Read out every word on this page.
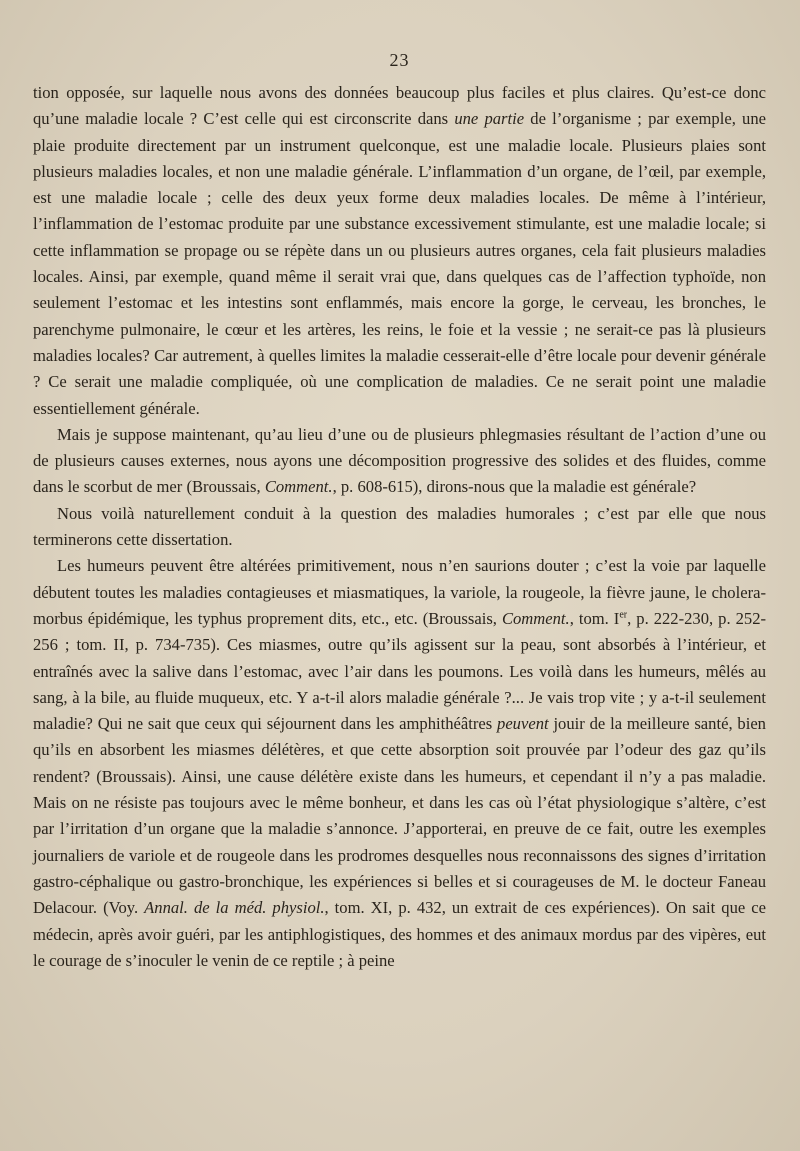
23

tion opposée, sur laquelle nous avons des données beaucoup plus faciles et plus claires. Qu’est-ce donc qu’une maladie locale ? C’est celle qui est circonscrite dans une partie de l’organisme ; par exemple, une plaie produite directement par un instrument quelconque, est une maladie locale. Plusieurs plaies sont plusieurs maladies locales, et non une maladie générale. L’inflammation d’un organe, de l’œil, par exemple, est une maladie locale ; celle des deux yeux forme deux maladies locales. De même à l’intérieur, l’inflammation de l’estomac produite par une substance excessivement stimulante, est une maladie locale; si cette inflammation se propage ou se répète dans un ou plusieurs autres organes, cela fait plusieurs maladies locales. Ainsi, par exemple, quand même il serait vrai que, dans quelques cas de l’affection typhoïde, non seulement l’estomac et les intestins sont enflammés, mais encore la gorge, le cerveau, les bronches, le parenchyme pulmonaire, le cœur et les artères, les reins, le foie et la vessie ; ne serait-ce pas là plusieurs maladies locales? Car autrement, à quelles limites la maladie cesserait-elle d’être locale pour devenir générale ? Ce serait une maladie compliquée, où une complication de maladies. Ce ne serait point une maladie essentiellement générale.

Mais je suppose maintenant, qu’au lieu d’une ou de plusieurs phlegmasies résultant de l’action d’une ou de plusieurs causes externes, nous ayons une décomposition progressive des solides et des fluides, comme dans le scorbut de mer (Broussais, Comment., p. 608-615), dirons-nous que la maladie est générale?

Nous voilà naturellement conduit à la question des maladies humorales ; c’est par elle que nous terminerons cette dissertation.

Les humeurs peuvent être altérées primitivement, nous n’en saurions douter ; c’est la voie par laquelle débutent toutes les maladies contagieuses et miasmatiques, la variole, la rougeole, la fièvre jaune, le cholera-morbus épidémique, les typhus proprement dits, etc., etc. (Broussais, Comment., tom. Ier, p. 222-230, p. 252-256 ; tom. II, p. 734-735). Ces miasmes, outre qu’ils agissent sur la peau, sont absorbés à l’intérieur, et entraînés avec la salive dans l’estomac, avec l’air dans les poumons. Les voilà dans les humeurs, mêlés au sang, à la bile, au fluide muqueux, etc. Y a-t-il alors maladie générale ?... Je vais trop vite ; y a-t-il seulement maladie? Qui ne sait que ceux qui séjournent dans les amphithéâtres peuvent jouir de la meilleure santé, bien qu’ils en absorbent les miasmes délétères, et que cette absorption soit prouvée par l’odeur des gaz qu’ils rendent? (Broussais). Ainsi, une cause délétère existe dans les humeurs, et cependant il n’y a pas maladie. Mais on ne résiste pas toujours avec le même bonheur, et dans les cas où l’état physiologique s’altère, c’est par l’irritation d’un organe que la maladie s’annonce. J’apporterai, en preuve de ce fait, outre les exemples journaliers de variole et de rougeole dans les prodromes desquelles nous reconnaissons des signes d’irritation gastro-céphalique ou gastro-bronchique, les expériences si belles et si courageuses de M. le docteur Faneau Delacour. (Voy. Annal. de la méd. physiol., tom. XI, p. 432, un extrait de ces expériences). On sait que ce médecin, après avoir guéri, par les antiphlogistiques, des hommes et des animaux mordus par des vipères, eut le courage de s’inoculer le venin de ce reptile ; à peine
